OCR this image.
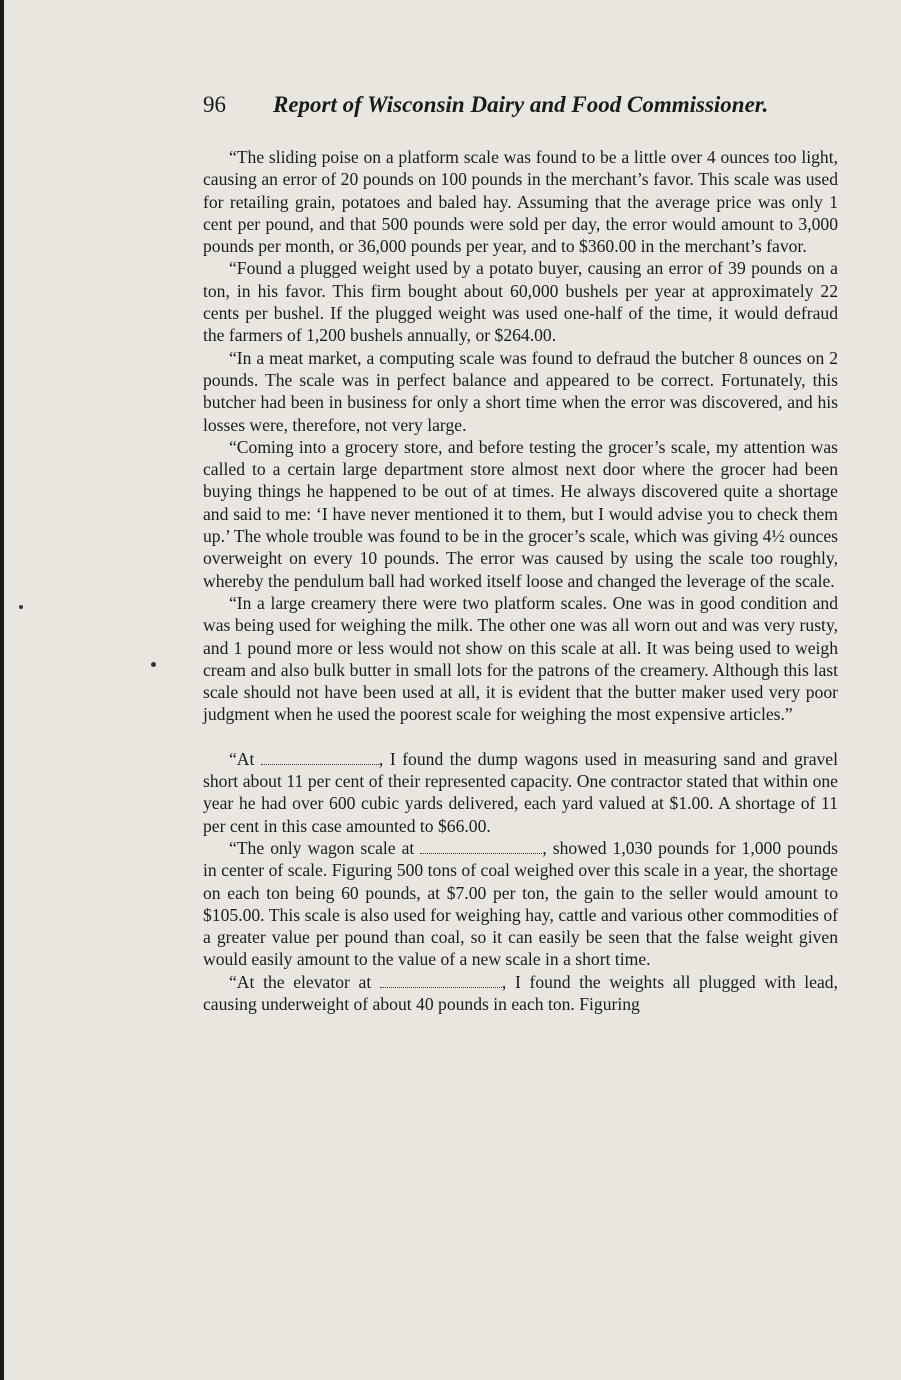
96 Report of Wisconsin Dairy and Food Commissioner.

“The sliding poise on a platform scale was found to be a little over 4 ounces too light, causing an error of 20 pounds on 100 pounds in the merchant’s favor. This scale was used for retailing grain, potatoes and baled hay. Assuming that the average price was only 1 cent per pound, and that 500 pounds were sold per day, the error would amount to 3,000 pounds per month, or 36,000 pounds per year, and to $360.00 in the merchant’s favor.

“Found a plugged weight used by a potato buyer, causing an error of 39 pounds on a ton, in his favor. This firm bought about 60,000 bushels per year at approximately 22 cents per bushel. If the plugged weight was used one-half of the time, it would defraud the farmers of 1,200 bushels annually, or $264.00.

“In a meat market, a computing scale was found to defraud the butcher 8 ounces on 2 pounds. The scale was in perfect balance and appeared to be correct. Fortunately, this butcher had been in business for only a short time when the error was discovered, and his losses were, therefore, not very large.

“Coming into a grocery store, and before testing the grocer’s scale, my attention was called to a certain large department store almost next door where the grocer had been buying things he happened to be out of at times. He always discovered quite a shortage and said to me: ‘I have never mentioned it to them, but I would advise you to check them up.’ The whole trouble was found to be in the grocer’s scale, which was giving 4½ ounces overweight on every 10 pounds. The error was caused by using the scale too roughly, whereby the pendulum ball had worked itself loose and changed the leverage of the scale.

“In a large creamery there were two platform scales. One was in good condition and was being used for weighing the milk. The other one was all worn out and was very rusty, and 1 pound more or less would not show on this scale at all. It was being used to weigh cream and also bulk butter in small lots for the patrons of the creamery. Although this last scale should not have been used at all, it is evident that the butter maker used very poor judgment when he used the poorest scale for weighing the most expensive articles.”

“At	, I found the dump wagons used in measuring sand and gravel short about 11 per cent of their represented capacity. One contractor stated that within one year he had over 600 cubic yards delivered, each yard valued at $1.00. A shortage of 11 per cent in this case amounted to $66.00.

“The only wagon scale at	, showed 1,030 pounds for 1,000 pounds in center of scale. Figuring 500 tons of coal weighed over this scale in a year, the shortage on each ton being 60 pounds, at $7.00 per ton, the gain to the seller would amount to $105.00. This scale is also used for weighing hay, cattle and various other commodities of a greater value per pound than coal, so it can easily be seen that the false weight given would easily amount to the value of a new scale in a short time.

“At the elevator at	, I found the weights all plugged with lead, causing underweight of about 40 pounds in each ton. Figuring
